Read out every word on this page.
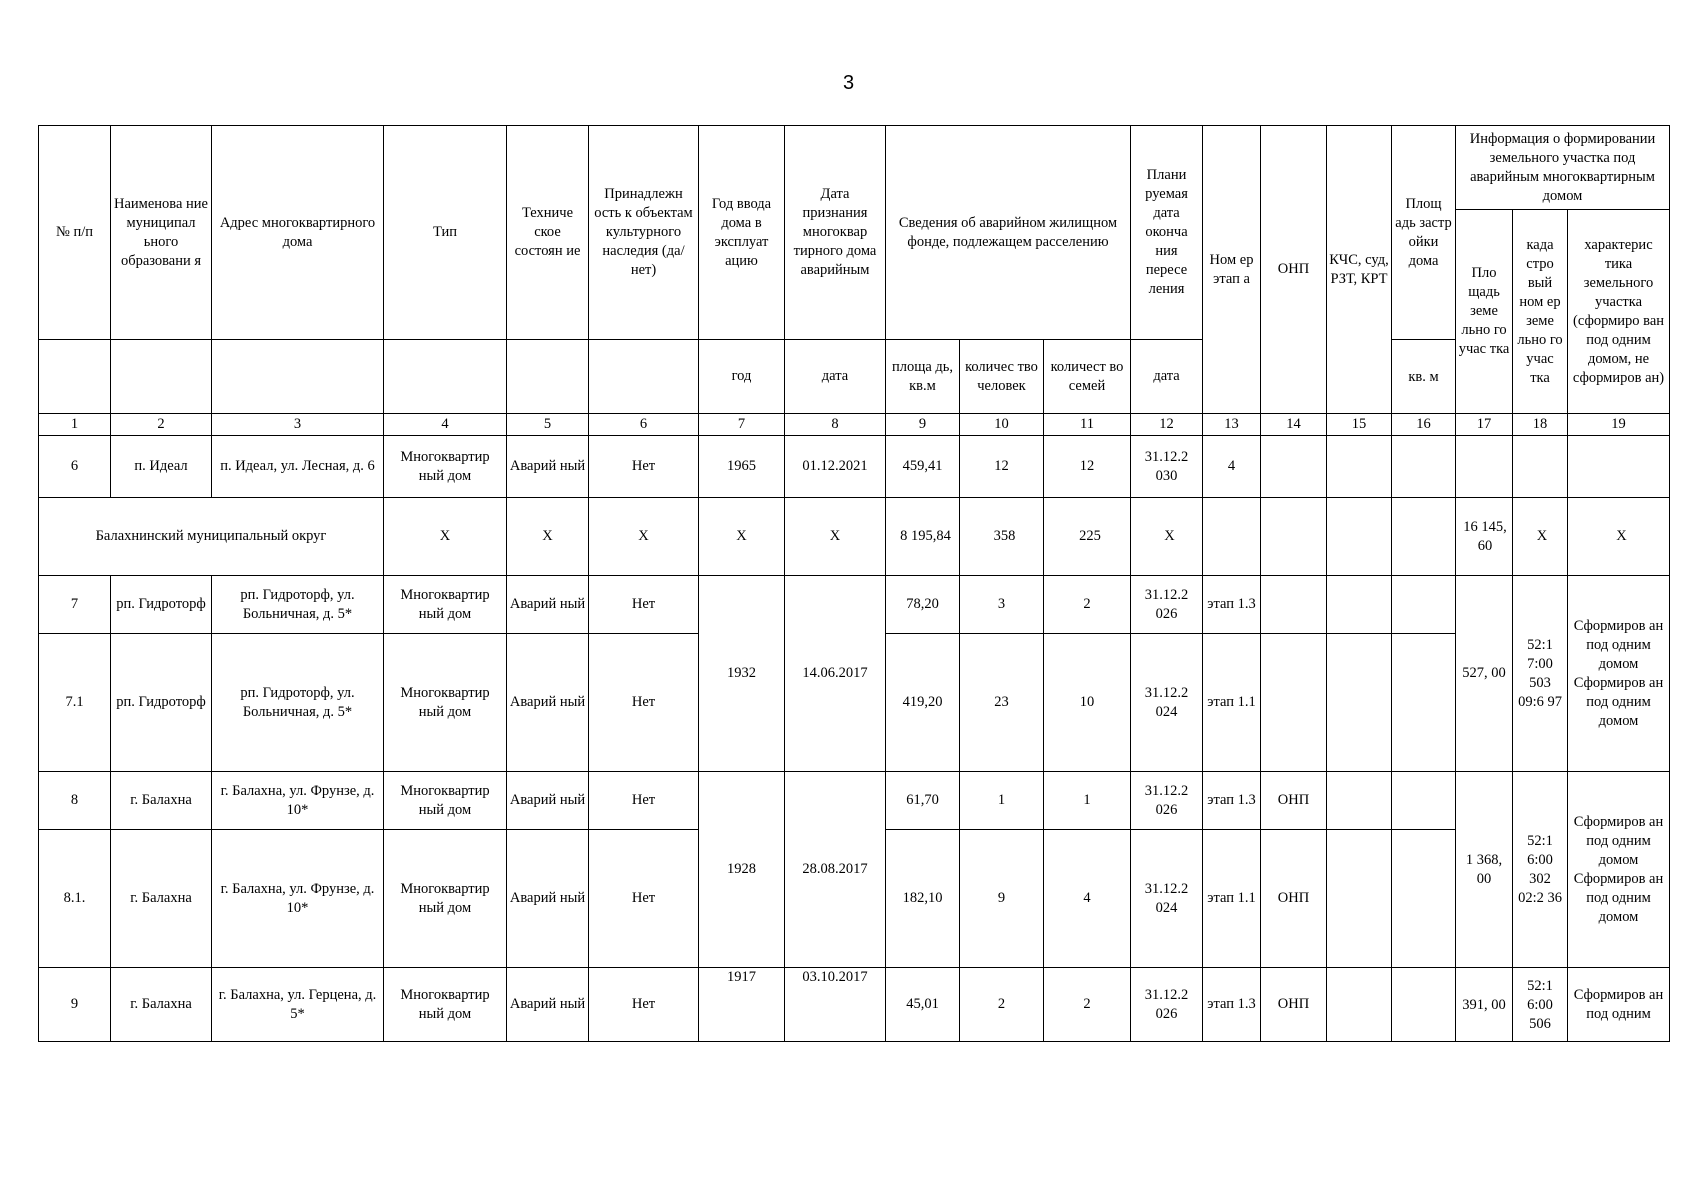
3
№ п/п	Наименова ние муниципал ьного образовани я	Адрес многоквартирного дома	Тип	Техниче ское состоян ие	Принадлежн ость к объектам культурного наследия (да/нет)	Год ввода дома в эксплуат ацию	Дата признания многоквар тирного дома аварийным	Сведения об аварийном жилищном фонде, подлежащем расселению			Плани руемая дата оконча ния пересе ления	Ном ер этап а	ОНП	КЧС, суд, РЗТ, КРТ	Площ адь застр ойки дома	Информация о формировании земельного участка под аварийным многоквартирным домом		
																Пло щадь земе льно го учас тка	када стро вый ном ер земе льно го учас тка	характерис тика земельного участка (сформиро ван под одним домом, не сформиров ан)
						год	дата	площа дь, кв.м	количес тво человек	количест во семей	дата				кв. м			
1	2	3	4	5	6	7	8	9	10	11	12	13	14	15	16	17	18	19
6	п. Идеал	п. Идеал, ул. Лесная, д. 6	Многоквартир ный дом	Аварий ный	Нет	1965	01.12.2021	459,41	12	12	31.12.2 030	4						
Балахнинский муниципальный округ			X	X	X	X	X	8 195,84	358	225	X					16 145, 60	X	X
7	рп. Гидроторф	рп. Гидроторф, ул. Больничная, д. 5*	Многоквартир ный дом	Аварий ный	Нет	1932	14.06.2017	78,20	3	2	31.12.2 026	этап 1.3				527, 00	52:1 7:00 503 09:6 97	Сформиров ан под одним домом Сформиров ан под одним домом
7.1	рп. Гидроторф	рп. Гидроторф, ул. Больничная, д. 5*	Многоквартир ный дом	Аварий ный	Нет			419,20	23	10	31.12.2 024	этап 1.1						
8	г. Балахна	г. Балахна, ул. Фрунзе, д. 10*	Многоквартир ный дом	Аварий ный	Нет	1928	28.08.2017	61,70	1	1	31.12.2 026	этап 1.3	ОНП			1 368, 00	52:1 6:00 302 02:2 36	Сформиров ан под одним домом Сформиров ан под одним домом
8.1.	г. Балахна	г. Балахна, ул. Фрунзе, д. 10*	Многоквартир ный дом	Аварий ный	Нет			182,10	9	4	31.12.2 024	этап 1.1	ОНП					
9	г. Балахна	г. Балахна, ул. Герцена, д. 5*	Многоквартир ный дом	Аварий ный	Нет	1917	03.10.2017	45,01	2	2	31.12.2 026	этап 1.3	ОНП			391, 00	52:1 6:00 506	Сформиров ан под одним
